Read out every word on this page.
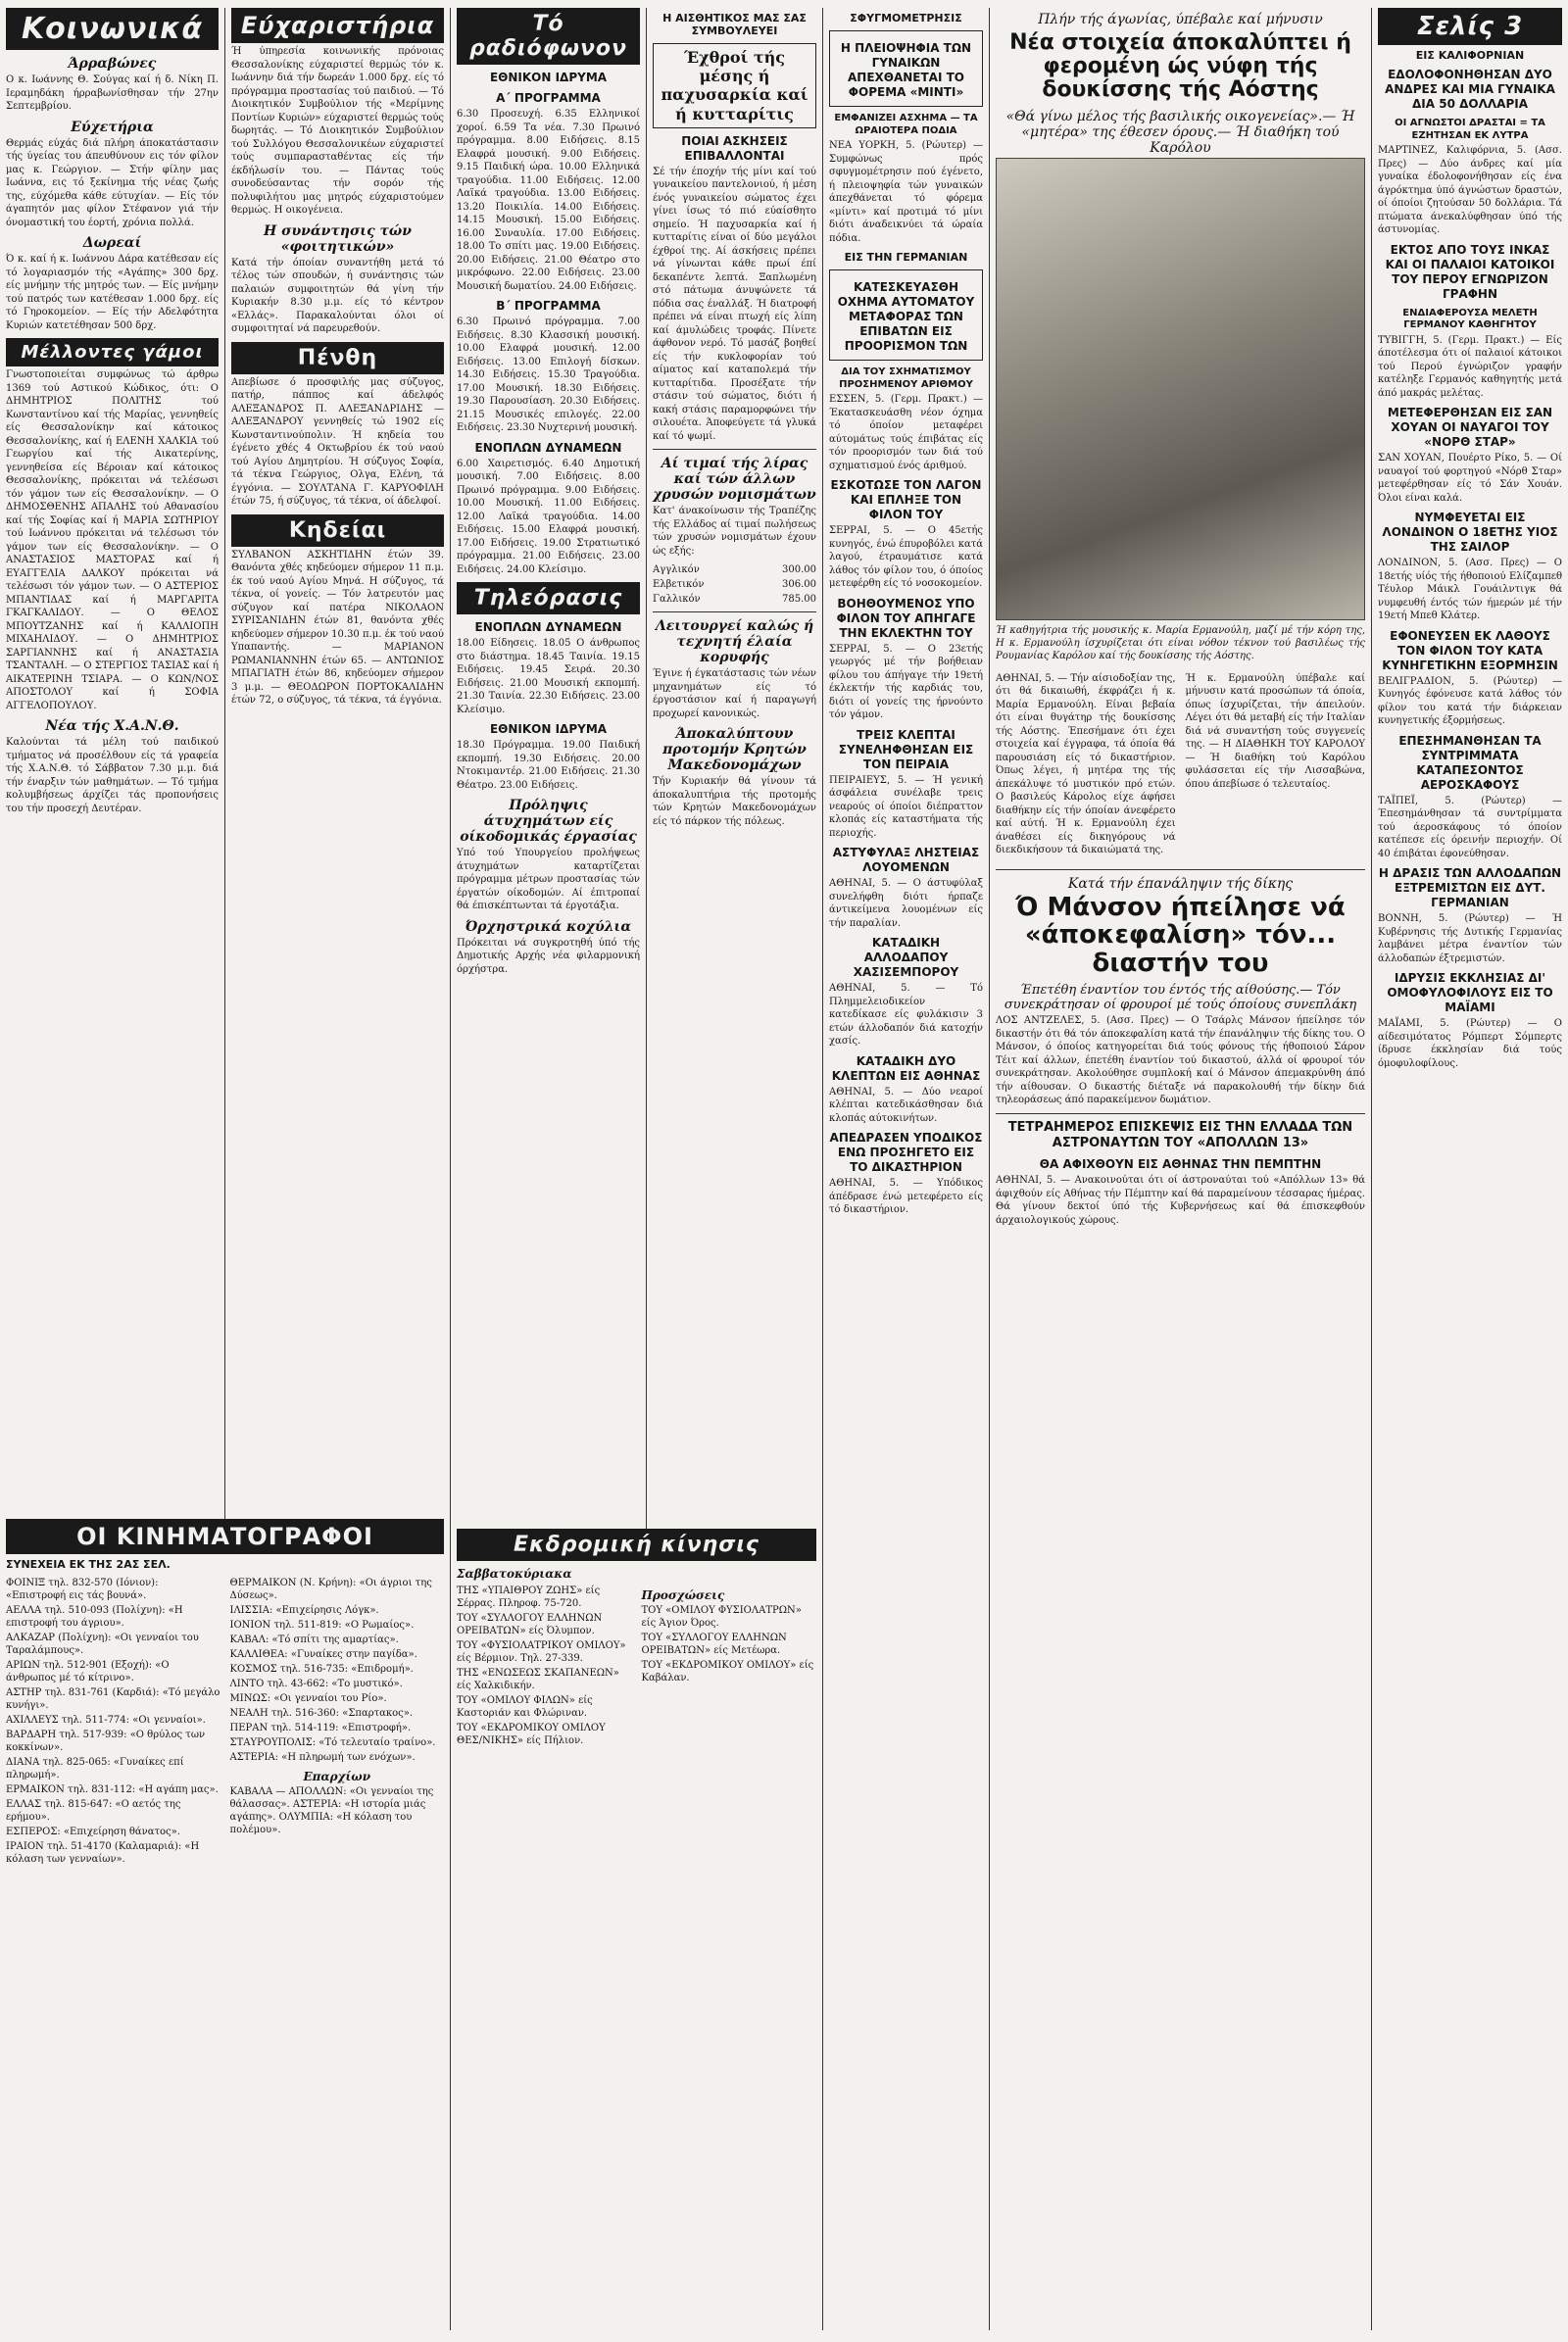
Κοινωνικά
Άρραβώνες
Ο κ. Ιωάννης Θ. Σούγας καί ή δ. Νίκη Π. Ιεραμηδάκη ήρραβωνίσθησαν τήν 27ην Σεπτεμβρίου.
Εύχετήρια
Θερμάς εύχάς διά πλήρη άποκατάστασιν τής ύγείας του άπευθύνουν εις τόν φίλον μας κ. Γεώργιον. — Στήν φίλην μας Ιωάννα, εις τό ξεκίνημα τής νέας ζωής της, εύχόμεθα κάθε εύτυχίαν. — Είς τόν άγαπητόν μας φίλον Στέφανον γιά τήν όνομαστική του έορτή, χρόνια πολλά.
Δωρεαί
Ό κ. καί ή κ. Ιωάννου Δάρα κατέθεσαν είς τό λογαριασμόν τής «Αγάπης» 300 δρχ. είς μνήμην τής μητρός των. — Είς μνήμην τού πατρός των κατέθεσαν 1.000 δρχ. είς τό Γηροκομείον. — Είς τήν Αδελφότητα Κυριών κατετέθησαν 500 δρχ.
Μέλλοντες γάμοι
Γνωστοποιείται συμφώνως τώ άρθρω 1369 τού Αστικού Κώδικος, ότι: Ο ΔΗΜΗΤΡΙΟΣ ΠΟΛΙΤΗΣ τού Κωνσταντίνου καί τής Μαρίας, γεννηθείς είς Θεσσαλονίκην καί κάτοικος Θεσσαλονίκης, καί ή ΕΛΕΝΗ ΧΑΛΚΙΑ τού Γεωργίου καί τής Αικατερίνης, γεννηθείσα είς Βέροιαν καί κάτοικος Θεσσαλονίκης, πρόκειται νά τελέσωσι τόν γάμον των είς Θεσσαλονίκην. — Ο ΔΗΜΟΣΘΕΝΗΣ ΑΠΑΛΗΣ τού Αθανασίου καί τής Σοφίας καί ή ΜΑΡΙΑ ΣΩΤΗΡΙΟΥ τού Ιωάννου πρόκειται νά τελέσωσι τόν γάμον των είς Θεσσαλονίκην. — Ο ΑΝΑΣΤΑΣΙΟΣ ΜΑΣΤΟΡΑΣ καί ή ΕΥΑΓΓΕΛΙΑ ΔΑΛΚΟΥ πρόκειται νά τελέσωσι τόν γάμον των. — Ο ΑΣΤΕΡΙΟΣ ΜΠΑΝΤΙΔΑΣ καί ή ΜΑΡΓΑΡΙΤΑ ΓΚΑΓΚΑΛΙΔΟΥ. — Ο ΘΕΛΟΣ ΜΠΟΥΤΖΑΝΗΣ καί ή ΚΑΛΛΙΟΠΗ ΜΙΧΑΗΛΙΔΟΥ. — Ο ΔΗΜΗΤΡΙΟΣ ΣΑΡΓΙΑΝΝΗΣ καί ή ΑΝΑΣΤΑΣΙΑ ΤΣΑΝΤΑΛΗ. — Ο ΣΤΕΡΓΙΟΣ ΤΑΣΙΑΣ καί ή ΑΙΚΑΤΕΡΙΝΗ ΤΣΙΑΡΑ. — Ο ΚΩΝ/ΝΟΣ ΑΠΟΣΤΟΛΟΥ καί ή ΣΟΦΙΑ ΑΓΓΕΛΟΠΟΥΛΟΥ.
Νέα τής Χ.Α.Ν.Θ.
Καλούνται τά μέλη τού παιδικού τμήματος νά προσέλθουν είς τά γραφεία τής Χ.Α.Ν.Θ. τό Σάββατον 7.30 μ.μ. διά τήν έναρξιν τών μαθημάτων. — Τό τμήμα κολυμβήσεως άρχίζει τάς προπονήσεις του τήν προσεχή Δευτέραν.
ΟΙ ΚΙΝΗΜΑΤΟΓΡΑΦΟΙ
ΣΥΝΕΧΕΙΑ ΕΚ ΤΗΣ 2ΑΣ ΣΕΛ.
ΦΟΙΝΙΞ τηλ. 832-570 (Ιόνιον): «Επιστροφή εις τάς βουνά».
ΑΕΛΛΑ τηλ. 510-093 (Πολίχνη): «Η επιστροφή του άγριου».
ΑΛΚΑΖΑΡ (Πολίχνη): «Οι γενναίοι του Ταραλάμπους».
ΑΡΙΩΝ τηλ. 512-901 (Εξοχή): «Ο άνθρωπος μέ τό κίτρινο».
ΑΣΤΗΡ τηλ. 831-761 (Καρδιά): «Τό μεγάλο κυνήγι».
ΑΧΙΛΛΕΥΣ τηλ. 511-774: «Οι γενναίοι».
ΒΑΡΔΑΡΗ τηλ. 517-939: «Ο θρύλος των κοκκίνων».
ΔΙΑΝΑ τηλ. 825-065: «Γυναίκες επί πληρωμή».
ΕΡΜΑΙΚΟΝ τηλ. 831-112: «Η αγάπη μας».
ΕΛΛΑΣ τηλ. 815-647: «Ο αετός της ερήμου».
ΕΣΠΕΡΟΣ: «Επιχείρηση θάνατος».
ΙΡΑΙΟΝ τηλ. 51-4170 (Καλαμαριά): «Η κόλαση των γενναίων».
ΘΕΡΜΑΙΚΟΝ (Ν. Κρήνη): «Οι άγριοι της Δύσεως».
ΙΛΙΣΣΙΑ: «Επιχείρησις Λόγκ».
ΙΟΝΙΟΝ τηλ. 511-819: «Ο Ρωμαίος».
ΚΑΒΑΛ: «Τό σπίτι της αμαρτίας».
ΚΑΛΛΙΘΕΑ: «Γυναίκες στην παγίδα».
ΚΟΣΜΟΣ τηλ. 516-735: «Επιδρομή».
ΛΙΝΤΟ τηλ. 43-662: «Το μυστικό».
ΜΙΝΩΣ: «Οι γενναίοι του Ρίο».
ΝΕΑΛΗ τηλ. 516-360: «Σπαρτακος».
ΠΕΡΑΝ τηλ. 514-119: «Επιστροφή».
ΣΤΑΥΡΟΥΠΟΛΙΣ: «Τό τελευταίο τραίνο».
ΑΣΤΕΡΙΑ: «Η πληρωμή των ενόχων».
Επαρχίων
ΚΑΒΑΛΑ — ΑΠΟΛΛΩΝ: «Οι γενναίοι της θάλασσας». ΑΣΤΕΡΙΑ: «Η ιστορία μιάς αγάπης». ΟΛΥΜΠΙΑ: «Η κόλαση του πολέμου».
Εύχαριστήρια
Ή ύπηρεσία κοινωνικής πρόνοιας Θεσσαλονίκης εύχαριστεί θερμώς τόν κ. Ιωάννην διά τήν δωρεάν 1.000 δρχ. είς τό πρόγραμμα προστασίας τού παιδιού. — Τό Διοικητικόν Συμβούλιον τής «Μερίμνης Ποντίων Κυριών» εύχαριστεί θερμώς τούς δωρητάς. — Τό Διοικητικόν Συμβούλιον τού Συλλόγου Θεσσαλονικέων εύχαριστεί τούς συμπαρασταθέντας είς τήν έκδήλωσίν του. — Πάντας τούς συνοδεύσαντας τήν σορόν τής πολυφιλήτου μας μητρός εύχαριστούμεν θερμώς. Η οικογένεια.
Η συνάντησις τών «φοιτητικών»
Κατά τήν όποίαν συναντήθη μετά τό τέλος τών σπουδών, ή συνάντησις τών παλαιών συμφοιτητών θά γίνη τήν Κυριακήν 8.30 μ.μ. είς τό κέντρον «Ελλάς». Παρακαλούνται όλοι οί συμφοιτηταί νά παρευρεθούν.
Πένθη
Απεβίωσε ό προσφιλής μας σύζυγος, πατήρ, πάππος καί άδελφός ΑΛΕΞΑΝΔΡΟΣ Π. ΑΛΕΞΑΝΔΡΙΔΗΣ — ΑΛΕΞΑΝΔΡΟΥ γεννηθείς τώ 1902 είς Κωνσταντινούπολιν. Ή κηδεία του έγένετο χθές 4 Οκτωβρίου έκ τού ναού τού Αγίου Δημητρίου. Ή σύζυγος Σοφία, τά τέκνα Γεώργιος, Ολγα, Ελένη, τά έγγόνια. — ΣΟΥΛΤΑΝΑ Γ. ΚΑΡΥΟΦΙΛΗ έτών 75, ή σύζυγος, τά τέκνα, οί άδελφοί.
Κηδείαι
ΣΥΛΒΑΝΟΝ ΑΣΚΗΤΙΔΗΝ έτών 39. Θανόντα χθές κηδεύομεν σήμερον 11 π.μ. έκ τού ναού Αγίου Μηνά. Η σύζυγος, τά τέκνα, οί γονείς. — Τόν λατρευτόν μας σύζυγον καί πατέρα ΝΙΚΟΛΑΟΝ ΣΥΡΙΣΑΝΙΔΗΝ έτών 81, θανόντα χθές κηδεύομεν σήμερον 10.30 π.μ. έκ τού ναού Υπαπαντής. — ΜΑΡΙΑΝΟΝ ΡΩΜΑΝΙΑΝΝΗΝ έτών 65. — ΑΝΤΩΝΙΟΣ ΜΠΑΓΙΑΤΗ έτών 86, κηδεύομεν σήμερον 3 μ.μ. — ΘΕΟΔΩΡΟΝ ΠΟΡΤΟΚΑΛΙΔΗΝ έτών 72, ο σύζυγος, τά τέκνα, τά έγγόνια.
Τό ραδιόφωνον
ΕΘΝΙΚΟΝ ΙΔΡΥΜΑ
Α΄ ΠΡΟΓΡΑΜΜΑ
6.30 Προσευχή. 6.35 Ελληνικοί χοροί. 6.59 Τα νέα. 7.30 Πρωινό πρόγραμμα. 8.00 Ειδήσεις. 8.15 Ελαφρά μουσική. 9.00 Ειδήσεις. 9.15 Παιδική ώρα. 10.00 Ελληνικά τραγούδια. 11.00 Ειδήσεις. 12.00 Λαϊκά τραγούδια. 13.00 Ειδήσεις. 13.20 Ποικιλία. 14.00 Ειδήσεις. 14.15 Μουσική. 15.00 Ειδήσεις. 16.00 Συναυλία. 17.00 Ειδήσεις. 18.00 Το σπίτι μας. 19.00 Ειδήσεις. 20.00 Ειδήσεις. 21.00 Θέατρο στο μικρόφωνο. 22.00 Ειδήσεις. 23.00 Μουσική δωματίου. 24.00 Ειδήσεις.
Β΄ ΠΡΟΓΡΑΜΜΑ
6.30 Πρωινό πρόγραμμα. 7.00 Ειδήσεις. 8.30 Κλασσική μουσική. 10.00 Ελαφρά μουσική. 12.00 Ειδήσεις. 13.00 Επιλογή δίσκων. 14.30 Ειδήσεις. 15.30 Τραγούδια. 17.00 Μουσική. 18.30 Ειδήσεις. 19.30 Παρουσίαση. 20.30 Ειδήσεις. 21.15 Μουσικές επιλογές. 22.00 Ειδήσεις. 23.30 Νυχτερινή μουσική.
ΕΝΟΠΛΩΝ ΔΥΝΑΜΕΩΝ
6.00 Χαιρετισμός. 6.40 Δημοτική μουσική. 7.00 Ειδήσεις. 8.00 Πρωινό πρόγραμμα. 9.00 Ειδήσεις. 10.00 Μουσική. 11.00 Ειδήσεις. 12.00 Λαϊκά τραγούδια. 14.00 Ειδήσεις. 15.00 Ελαφρά μουσική. 17.00 Ειδήσεις. 19.00 Στρατιωτικό πρόγραμμα. 21.00 Ειδήσεις. 23.00 Ειδήσεις. 24.00 Κλείσιμο.
Τηλεόρασις
ΕΝΟΠΛΩΝ ΔΥΝΑΜΕΩΝ
18.00 Είδησεις. 18.05 Ο άνθρωπος στο διάστημα. 18.45 Ταινία. 19.15 Ειδήσεις. 19.45 Σειρά. 20.30 Ειδήσεις. 21.00 Μουσική εκπομπή. 21.30 Ταινία. 22.30 Ειδήσεις. 23.00 Κλείσιμο.
ΕΘΝΙΚΟΝ ΙΔΡΥΜΑ
18.30 Πρόγραμμα. 19.00 Παιδική εκπομπή. 19.30 Ειδήσεις. 20.00 Ντοκιμαντέρ. 21.00 Ειδήσεις. 21.30 Θέατρο. 23.00 Ειδήσεις.
Πρόληψις άτυχημάτων είς οίκοδομικάς έργασίας
Υπό τού Υπουργείου προλήψεως άτυχημάτων καταρτίζεται πρόγραμμα μέτρων προστασίας τών έργατών οίκοδομών. Αί έπιτροπαί θά έπισκέπτωνται τά έργοτάξια.
Όρχηστρικά κοχύλια
Πρόκειται νά συγκροτηθή ύπό τής Δημοτικής Αρχής νέα φιλαρμονική όρχήστρα.
Εκδρομική κίνησις
Σαββατοκύριακα
ΤΗΣ «ΥΠΑΙΘΡΟΥ ΖΩΗΣ» είς Σέρρας. Πληροφ. 75-720.
ΤΟΥ «ΣΥΛΛΟΓΟΥ ΕΛΛΗΝΩΝ ΟΡΕΙΒΑΤΩΝ» είς Όλυμπον.
ΤΟΥ «ΦΥΣΙΟΛΑΤΡΙΚΟΥ ΟΜΙΛΟΥ» είς Βέρμιον. Τηλ. 27-339.
ΤΗΣ «ΕΝΩΣΕΩΣ ΣΚΑΠΑΝΕΩΝ» είς Χαλκιδικήν.
ΤΟΥ «ΟΜΙΛΟΥ ΦΙΛΩΝ» είς Καστοριάν και Φλώριναν.
ΤΟΥ «ΕΚΔΡΟΜΙΚΟΥ ΟΜΙΛΟΥ ΘΕΣ/ΝΙΚΗΣ» είς Πήλιον.
Προσχώσεις
ΤΟΥ «ΟΜΙΛΟΥ ΦΥΣΙΟΛΑΤΡΩΝ» είς Άγιον Όρος.
ΤΟΥ «ΣΥΛΛΟΓΟΥ ΕΛΛΗΝΩΝ ΟΡΕΙΒΑΤΩΝ» είς Μετέωρα.
ΤΟΥ «ΕΚΔΡΟΜΙΚΟΥ ΟΜΙΛΟΥ» είς Καβάλαν.
Η ΑΙΣΘΗΤΙΚΟΣ ΜΑΣ ΣΑΣ ΣΥΜΒΟΥΛΕΥΕΙ
Έχθροί τής μέσης ή παχυσαρκία καί ή κυτταρίτις
ΠΟΙΑΙ ΑΣΚΗΣΕΙΣ ΕΠΙΒΑΛΛΟΝΤΑΙ
Σέ τήν έποχήν τής μίνι καί τού γυναικείου παντελονιού, ή μέση ένός γυναικείου σώματος έχει γίνει ίσως τό πιό εύαίσθητο σημείο. Ή παχυσαρκία καί ή κυτταρίτις είναι οί δύο μεγάλοι έχθροί της. Αί άσκήσεις πρέπει νά γίνωνται κάθε πρωί έπί δεκαπέντε λεπτά. Ξαπλωμένη στό πάτωμα άνυψώνετε τά πόδια σας έναλλάξ. Ή διατροφή πρέπει νά είναι πτωχή είς λίπη καί άμυλώδεις τροφάς. Πίνετε άφθονον νερό. Τό μασάζ βοηθεί είς τήν κυκλοφορίαν τού αίματος καί καταπολεμά τήν κυτταρίτιδα. Προσέξατε τήν στάσιν τού σώματος, διότι ή κακή στάσις παραμορφώνει τήν σιλουέτα. Άποφεύγετε τά γλυκά καί τό ψωμί.
Αί τιμαί τής λίρας καί τών άλλων χρυσών νομισμάτων
Κατ' άνακοίνωσιν τής Τραπέζης τής Ελλάδος αί τιμαί πωλήσεως τών χρυσών νομισμάτων έχουν ώς εξής:
Αγγλικόν	300.00
Ελβετικόν	306.00
Γαλλικόν	785.00
Λειτουργεί καλώς ή τεχνητή έλαία κορυφής
Έγινε ή έγκατάστασις τών νέων μηχανημάτων είς τό έργοστάσιον καί ή παραγωγή προχωρεί κανονικώς.
Άποκαλύπτουν προτομήν Κρητών Μακεδονομάχων
Τήν Κυριακήν θά γίνουν τά άποκαλυπτήρια τής προτομής τών Κρητών Μακεδονομάχων είς τό πάρκον τής πόλεως.
ΣΦΥΓΜΟΜΕΤΡΗΣΙΣ
Η ΠΛΕΙΟΨΗΦΙΑ ΤΩΝ ΓΥΝΑΙΚΩΝ ΑΠΕΧΘΑΝΕΤΑΙ ΤΟ ΦΟΡΕΜΑ «ΜΙΝΤΙ»
ΕΜΦΑΝΙΖΕΙ ΑΣΧΗΜΑ — ΤΑ ΩΡΑΙΟΤΕΡΑ ΠΟΔΙΑ
ΝΕΑ ΥΟΡΚΗ, 5. (Ρώυτερ) — Συμφώνως πρός σφυγμομέτρησιν πού έγένετο, ή πλειοψηφία τών γυναικών άπεχθάνεται τό φόρεμα «μίντι» καί προτιμά τό μίνι διότι άναδεικνύει τά ώραία πόδια.
ΕΙΣ ΤΗΝ ΓΕΡΜΑΝΙΑΝ
ΚΑΤΕΣΚΕΥΑΣΘΗ ΟΧΗΜΑ ΑΥΤΟΜΑΤΟΥ ΜΕΤΑΦΟΡΑΣ ΤΩΝ ΕΠΙΒΑΤΩΝ ΕΙΣ ΠΡΟΟΡΙΣΜΟΝ ΤΩΝ
ΔΙΑ ΤΟΥ ΣΧΗΜΑΤΙΣΜΟΥ ΠΡΟΣΗΜΕΝΟΥ ΑΡΙΘΜΟΥ
ΕΣΣΕΝ, 5. (Γερμ. Πρακτ.) — Έκατασκευάσθη νέον όχημα τό όποίον μεταφέρει αύτομάτως τούς έπιβάτας είς τόν προορισμόν των διά τού σχηματισμού ένός άριθμού.
ΕΣΚΟΤΩΣΕ ΤΟΝ ΛΑΓΟΝ ΚΑΙ ΕΠΛΗΞΕ ΤΟΝ ΦΙΛΟΝ ΤΟΥ
ΣΕΡΡΑΙ, 5. — Ο 45ετής κυνηγός, ένώ έπυροβόλει κατά λαγού, έτραυμάτισε κατά λάθος τόν φίλον του, ό όποίος μετεφέρθη είς τό νοσοκομείον.
ΒΟΗΘΟΥΜΕΝΟΣ ΥΠΟ ΦΙΛΟΝ ΤΟΥ ΑΠΗΓΑΓΕ ΤΗΝ ΕΚΛΕΚΤΗΝ ΤΟΥ
ΣΕΡΡΑΙ, 5. — Ο 23ετής γεωργός μέ τήν βοήθειαν φίλου του άπήγαγε τήν 19ετή έκλεκτήν τής καρδιάς του, διότι οί γονείς της ήρνούντο τόν γάμον.
ΤΡΕΙΣ ΚΛΕΠΤΑΙ ΣΥΝΕΛΗΦΘΗΣΑΝ ΕΙΣ ΤΟΝ ΠΕΙΡΑΙΑ
ΠΕΙΡΑΙΕΥΣ, 5. — Ή γενική άσφάλεια συνέλαβε τρεις νεαρούς οί όποίοι διέπραττον κλοπάς είς καταστήματα τής περιοχής.
ΑΣΤΥΦΥΛΑΞ ΛΗΣΤΕΙΑΣ ΛΟΥΟΜΕΝΩΝ
ΑΘΗΝΑΙ, 5. — Ο άστυφύλαξ συνελήφθη διότι ήρπαζε άντικείμενα λουομένων είς τήν παραλίαν.
ΚΑΤΑΔΙΚΗ ΑΛΛΟΔΑΠΟΥ ΧΑΣΙΣΕΜΠΟΡΟΥ
ΑΘΗΝΑΙ, 5. — Τό Πλημμελειοδικείον κατεδίκασε είς φυλάκισιν 3 ετών άλλοδαπόν διά κατοχήν χασίς.
ΚΑΤΑΔΙΚΗ ΔΥΟ ΚΛΕΠΤΩΝ ΕΙΣ ΑΘΗΝΑΣ
ΑΘΗΝΑΙ, 5. — Δύο νεαροί κλέπται κατεδικάσθησαν διά κλοπάς αύτοκινήτων.
ΑΠΕΔΡΑΣΕΝ ΥΠΟΔΙΚΟΣ ΕΝΩ ΠΡΟΣΗΓΕΤΟ ΕΙΣ ΤΟ ΔΙΚΑΣΤΗΡΙΟΝ
ΑΘΗΝΑΙ, 5. — Υπόδικος άπέδρασε ένώ μετεφέρετο είς τό δικαστήριον.
Πλήν τής άγωνίας, ύπέβαλε καί μήνυσιν
Νέα στοιχεία άποκαλύπτει ή φερομένη ώς νύφη τής δουκίσσης τής Αόστης
«Θά γίνω μέλος τής βασιλικής οικογενείας».— Ή «μητέρα» της έθεσεν όρους.— Ή διαθήκη τού Καρόλου
Ή καθηγήτρια τής μουσικής κ. Μαρία Ερμανούλη, μαζί μέ τήν κόρη της, Η κ. Ερμανούλη ίσχυρίζεται ότι είναι νόθον τέκνον τού βασιλέως τής Ρουμανίας Καρόλου καί τής δουκίσσης τής Αόστης.
ΑΘΗΝΑΙ, 5. — Τήν αίσιοδοξίαν της, ότι θά δικαιωθή, έκφράζει ή κ. Μαρία Ερμανούλη. Είναι βεβαία ότι είναι θυγάτηρ τής δουκίσσης τής Αόστης. Έπεσήμανε ότι έχει στοιχεία καί έγγραφα, τά όποία θά παρουσιάση είς τό δικαστήριον. Όπως λέγει, ή μητέρα της τής άπεκάλυψε τό μυστικόν πρό ετών. Ο βασιλεύς Κάρολος είχε άφήσει διαθήκην είς τήν όποίαν άνεφέρετο καί αύτή. Ή κ. Ερμανούλη έχει άναθέσει είς δικηγόρους νά διεκδικήσουν τά δικαιώματά της.
Ή κ. Ερμανούλη ύπέβαλε καί μήνυσιν κατά προσώπων τά όποία, όπως ίσχυρίζεται, τήν άπειλούν. Λέγει ότι θά μεταβή είς τήν Ιταλίαν διά νά συναντήση τούς συγγενείς της. — Η ΔΙΑΘΗΚΗ ΤΟΥ ΚΑΡΟΛΟΥ — Ή διαθήκη τού Καρόλου φυλάσσεται είς τήν Λισσαβώνα, όπου άπεβίωσε ό τελευταίος.
Κατά τήν έπανάληψιν τής δίκης
Ό Μάνσον ήπείλησε νά «άποκεφαλίση» τόν... διαστήν του
Έπετέθη έναντίον του έντός τής αίθούσης.— Τόν συνεκράτησαν οί φρουροί μέ τούς όποίους συνεπλάκη
ΛΟΣ ΑΝΤΖΕΛΕΣ, 5. (Ασσ. Πρες) — Ο Τσάρλς Μάνσον ήπείλησε τόν δικαστήν ότι θά τόν άποκεφαλίση κατά τήν έπανάληψιν τής δίκης του. Ο Μάνσον, ό όποίος κατηγορείται διά τούς φόνους τής ήθοποιού Σάρον Τέιτ καί άλλων, έπετέθη έναντίον τού δικαστού, άλλά οί φρουροί τόν συνεκράτησαν. Ακολούθησε συμπλοκή καί ό Μάνσον άπεμακρύνθη άπό τήν αίθουσαν. Ο δικαστής διέταξε νά παρακολουθή τήν δίκην διά τηλεοράσεως άπό παρακείμενον δωμάτιον.
ΤΕΤΡΑΗΜΕΡΟΣ ΕΠΙΣΚΕΨΙΣ ΕΙΣ ΤΗΝ ΕΛΛΑΔΑ ΤΩΝ ΑΣΤΡΟΝΑΥΤΩΝ ΤΟΥ «ΑΠΟΛΛΩΝ 13»
ΘΑ ΑΦΙΧΘΟΥΝ ΕΙΣ ΑΘΗΝΑΣ ΤΗΝ ΠΕΜΠΤΗΝ
ΑΘΗΝΑΙ, 5. — Ανακοινούται ότι οί άστροναύται τού «Απόλλων 13» θά άφιχθούν είς Αθήνας τήν Πέμπτην καί θά παραμείνουν τέσσαρας ήμέρας. Θά γίνουν δεκτοί ύπό τής Κυβερνήσεως καί θά έπισκεφθούν άρχαιολογικούς χώρους.
Σελίς 3
ΕΙΣ ΚΑΛΙΦΟΡΝΙΑΝ
ΕΔΟΛΟΦΟΝΗΘΗΣΑΝ ΔΥΟ ΑΝΔΡΕΣ ΚΑΙ ΜΙΑ ΓΥΝΑΙΚΑ ΔΙΑ 50 ΔΟΛΛΑΡΙΑ
ΟΙ ΑΓΝΩΣΤΟΙ ΔΡΑΣΤΑΙ = ΤΑ ΕΖΗΤΗΣΑΝ ΕΚ ΛΥΤΡΑ
ΜΑΡΤΙΝΕΖ, Καλιφόρνια, 5. (Ασσ. Πρες) — Δύο άνδρες καί μία γυναίκα έδολοφονήθησαν είς ένα άγρόκτημα ύπό άγνώστων δραστών, οί όποίοι ζητούσαν 50 δολλάρια. Τά πτώματα άνεκαλύφθησαν ύπό τής άστυνομίας.
ΕΚΤΟΣ ΑΠΟ ΤΟΥΣ ΙΝΚΑΣ ΚΑΙ ΟΙ ΠΑΛΑΙΟΙ ΚΑΤΟΙΚΟΙ ΤΟΥ ΠΕΡΟΥ ΕΓΝΩΡΙΖΟΝ ΓΡΑΦΗΝ
ΕΝΔΙΑΦΕΡΟΥΣΑ ΜΕΛΕΤΗ ΓΕΡΜΑΝΟΥ ΚΑΘΗΓΗΤΟΥ
ΤΥΒΙΓΓΗ, 5. (Γερμ. Πρακτ.) — Είς άποτέλεσμα ότι οί παλαιοί κάτοικοι τού Περού έγνώριζον γραφήν κατέληξε Γερμανός καθηγητής μετά άπό μακράς μελέτας.
ΜΕΤΕΦΕΡΘΗΣΑΝ ΕΙΣ ΣΑΝ ΧΟΥΑΝ ΟΙ ΝΑΥΑΓΟΙ ΤΟΥ «ΝΟΡΘ ΣΤΑΡ»
ΣΑΝ ΧΟΥΑΝ, Πουέρτο Ρίκο, 5. — Οί ναυαγοί τού φορτηγού «Νόρθ Σταρ» μετεφέρθησαν είς τό Σάν Χουάν. Όλοι είναι καλά.
ΝΥΜΦΕΥΕΤΑΙ ΕΙΣ ΛΟΝΔΙΝΟΝ Ο 18ΕΤΗΣ ΥΙΟΣ ΤΗΣ ΣΑΙΛΟΡ
ΛΟΝΔΙΝΟΝ, 5. (Ασσ. Πρες) — Ο 18ετής υίός τής ήθοποιού Ελίζαμπεθ Τέυλορ Μάικλ Γουάιλντιγκ θά νυμφευθή έντός τών ήμερών μέ τήν 19ετή Μπεθ Κλάτερ.
ΕΦΟΝΕΥΣΕΝ ΕΚ ΛΑΘΟΥΣ ΤΟΝ ΦΙΛΟΝ ΤΟΥ ΚΑΤΑ ΚΥΝΗΓΕΤΙΚΗΝ ΕΞΟΡΜΗΣΙΝ
ΒΕΛΙΓΡΑΔΙΟΝ, 5. (Ρώυτερ) — Κυνηγός έφόνευσε κατά λάθος τόν φίλον του κατά τήν διάρκειαν κυνηγετικής έξορμήσεως.
ΕΠΕΣΗΜΑΝΘΗΣΑΝ ΤΑ ΣΥΝΤΡΙΜΜΑΤΑ ΚΑΤΑΠΕΣΟΝΤΟΣ ΑΕΡΟΣΚΑΦΟΥΣ
ΤΑΪΠΕΪ, 5. (Ρώυτερ) — Έπεσημάνθησαν τά συντρίμματα τού άεροσκάφους τό όποίον κατέπεσε είς όρεινήν περιοχήν. Οί 40 έπιβάται έφονεύθησαν.
Η ΔΡΑΣΙΣ ΤΩΝ ΑΛΛΟΔΑΠΩΝ ΕΞΤΡΕΜΙΣΤΩΝ ΕΙΣ ΔΥΤ. ΓΕΡΜΑΝΙΑΝ
ΒΟΝΝΗ, 5. (Ρώυτερ) — Ή Κυβέρνησις τής Δυτικής Γερμανίας λαμβάνει μέτρα έναντίον τών άλλοδαπών έξτρεμιστών.
ΙΔΡΥΣΙΣ ΕΚΚΛΗΣΙΑΣ ΔΙ' ΟΜΟΦΥΛΟΦΙΛΟΥΣ ΕΙΣ ΤΟ ΜΑΪΑΜΙ
ΜΑΪΑΜΙ, 5. (Ρώυτερ) — Ο αίδεσιμότατος Ρόμπερτ Σόμπερτς ίδρυσε έκκλησίαν διά τούς όμοφυλοφίλους.
